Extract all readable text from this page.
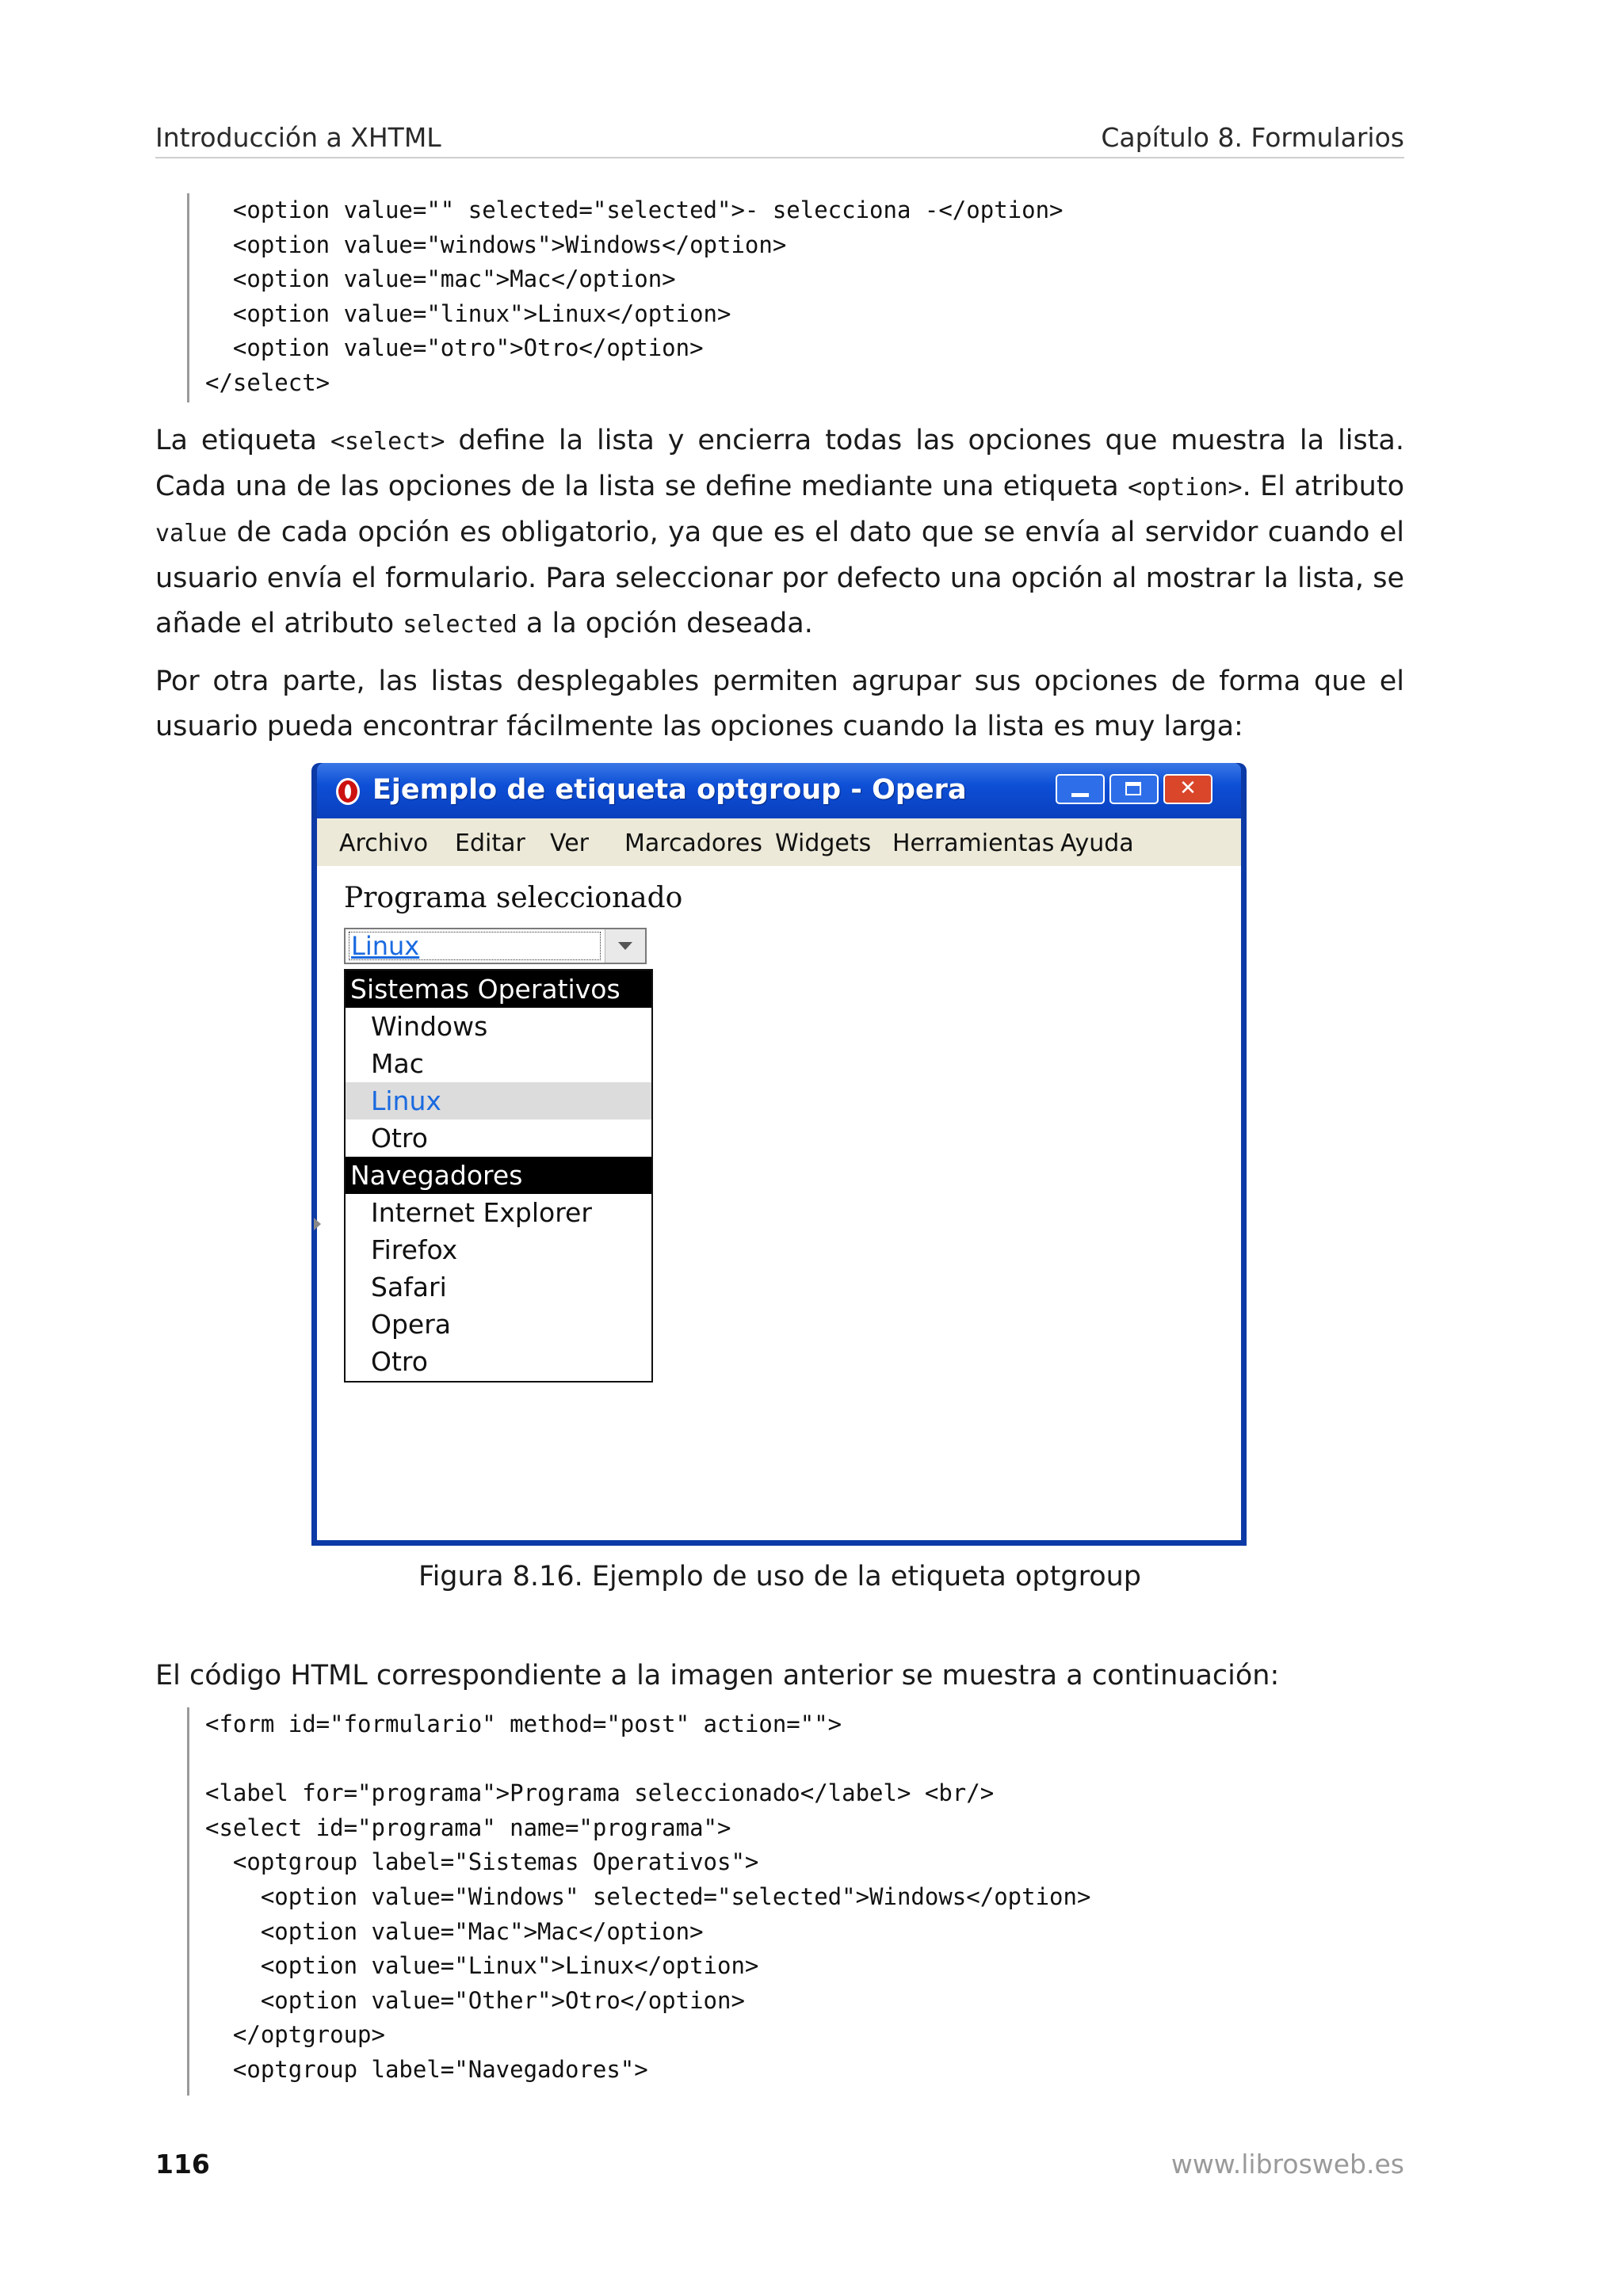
Introducción a XHTML	Capítulo 8. Formularios
<option value="" selected="selected">- selecciona -</option>
<option value="windows">Windows</option>
<option value="mac">Mac</option>
<option value="linux">Linux</option>
<option value="otro">Otro</option>
</select>

La etiqueta <select> define la lista y encierra todas las opciones que muestra la lista. Cada una de las opciones de la lista se define mediante una etiqueta <option>. El atributo value de cada opción es obligatorio, ya que es el dato que se envía al servidor cuando el usuario envía el formulario. Para seleccionar por defecto una opción al mostrar la lista, se añade el atributo selected a la opción deseada.

Por otra parte, las listas desplegables permiten agrupar sus opciones de forma que el usuario pueda encontrar fácilmente las opciones cuando la lista es muy larga:

Ejemplo de etiqueta optgroup - Opera	✕
Archivo Editar Ver Marcadores Widgets Herramientas Ayuda
Programa seleccionado
Linux
Sistemas Operativos
Windows
Mac
Linux
Otro
Navegadores
Internet Explorer
Firefox
Safari
Opera
Otro
Figura 8.16. Ejemplo de uso de la etiqueta optgroup

El código HTML correspondiente a la imagen anterior se muestra a continuación:

<form id="formulario" method="post" action="">
<label for="programa">Programa seleccionado</label> <br/>
<select id="programa" name="programa">
<optgroup label="Sistemas Operativos">
<option value="Windows" selected="selected">Windows</option>
<option value="Mac">Mac</option>
<option value="Linux">Linux</option>
<option value="Other">Otro</option>
</optgroup>
<optgroup label="Navegadores">
116	www.librosweb.es
